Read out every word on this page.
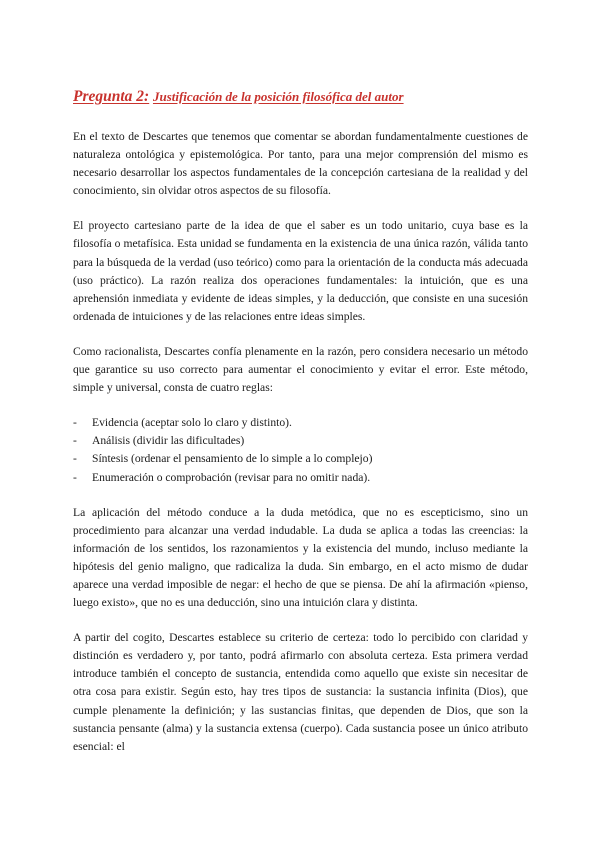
Pregunta 2: Justificación de la posición filosófica del autor

En el texto de Descartes que tenemos que comentar se abordan fundamentalmente cuestiones de naturaleza ontológica y epistemológica. Por tanto, para una mejor comprensión del mismo es necesario desarrollar los aspectos fundamentales de la concepción cartesiana de la realidad y del conocimiento, sin olvidar otros aspectos de su filosofía.

El proyecto cartesiano parte de la idea de que el saber es un todo unitario, cuya base es la filosofía o metafísica. Esta unidad se fundamenta en la existencia de una única razón, válida tanto para la búsqueda de la verdad (uso teórico) como para la orientación de la conducta más adecuada (uso práctico). La razón realiza dos operaciones fundamentales: la intuición, que es una aprehensión inmediata y evidente de ideas simples, y la deducción, que consiste en una sucesión ordenada de intuiciones y de las relaciones entre ideas simples.

Como racionalista, Descartes confía plenamente en la razón, pero considera necesario un método que garantice su uso correcto para aumentar el conocimiento y evitar el error. Este método, simple y universal, consta de cuatro reglas:

- Evidencia (aceptar solo lo claro y distinto).
- Análisis (dividir las dificultades)
- Síntesis (ordenar el pensamiento de lo simple a lo complejo)
- Enumeración o comprobación (revisar para no omitir nada).

La aplicación del método conduce a la duda metódica, que no es escepticismo, sino un procedimiento para alcanzar una verdad indudable. La duda se aplica a todas las creencias: la información de los sentidos, los razonamientos y la existencia del mundo, incluso mediante la hipótesis del genio maligno, que radicaliza la duda. Sin embargo, en el acto mismo de dudar aparece una verdad imposible de negar: el hecho de que se piensa. De ahí la afirmación «pienso, luego existo», que no es una deducción, sino una intuición clara y distinta.

A partir del cogito, Descartes establece su criterio de certeza: todo lo percibido con claridad y distinción es verdadero y, por tanto, podrá afirmarlo con absoluta certeza. Esta primera verdad introduce también el concepto de sustancia, entendida como aquello que existe sin necesitar de otra cosa para existir. Según esto, hay tres tipos de sustancia: la sustancia infinita (Dios), que cumple plenamente la definición; y las sustancias finitas, que dependen de Dios, que son la sustancia pensante (alma) y la sustancia extensa (cuerpo). Cada sustancia posee un único atributo esencial: el
